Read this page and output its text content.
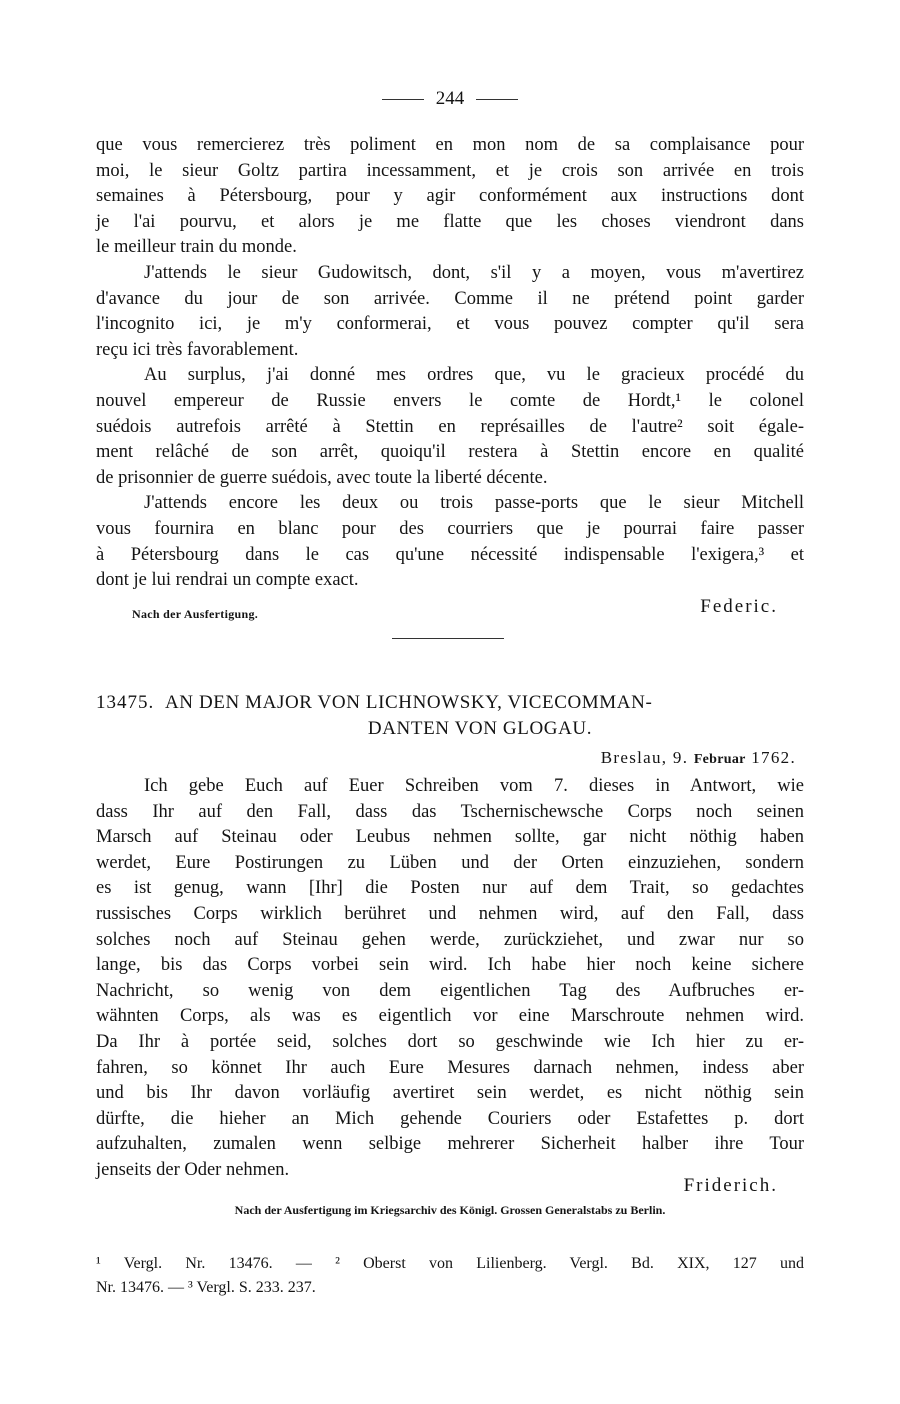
244
que vous remercierez très poliment en mon nom de sa complaisance pour
moi, le sieur Goltz partira incessamment, et je crois son arrivée en trois
semaines à Pétersbourg, pour y agir conformément aux instructions dont
je l'ai pourvu, et alors je me flatte que les choses viendront dans
le meilleur train du monde.
J'attends le sieur Gudowitsch, dont, s'il y a moyen, vous m'avertirez
d'avance du jour de son arrivée. Comme il ne prétend point garder
l'incognito ici, je m'y conformerai, et vous pouvez compter qu'il sera
reçu ici très favorablement.
Au surplus, j'ai donné mes ordres que, vu le gracieux procédé du
nouvel empereur de Russie envers le comte de Hordt,¹ le colonel
suédois autrefois arrêté à Stettin en représailles de l'autre² soit égale-
ment relâché de son arrêt, quoiqu'il restera à Stettin encore en qualité
de prisonnier de guerre suédois, avec toute la liberté décente.
J'attends encore les deux ou trois passe-ports que le sieur Mitchell
vous fournira en blanc pour des courriers que je pourrai faire passer
à Pétersbourg dans le cas qu'une nécessité indispensable l'exigera,³ et
dont je lui rendrai un compte exact.
Nach der Ausfertigung.	Federic.
13475. AN DEN MAJOR VON LICHNOWSKY, VICECOMMAN-
DANTEN VON GLOGAU.
Breslau, 9. Februar 1762.
Ich gebe Euch auf Euer Schreiben vom 7. dieses in Antwort, wie
dass Ihr auf den Fall, dass das Tschernischewsche Corps noch seinen
Marsch auf Steinau oder Leubus nehmen sollte, gar nicht nöthig haben
werdet, Eure Postirungen zu Lüben und der Orten einzuziehen, sondern
es ist genug, wann [Ihr] die Posten nur auf dem Trait, so gedachtes
russisches Corps wirklich berühret und nehmen wird, auf den Fall, dass
solches noch auf Steinau gehen werde, zurückziehet, und zwar nur so
lange, bis das Corps vorbei sein wird. Ich habe hier noch keine sichere
Nachricht, so wenig von dem eigentlichen Tag des Aufbruches er-
wähnten Corps, als was es eigentlich vor eine Marschroute nehmen wird.
Da Ihr à portée seid, solches dort so geschwinde wie Ich hier zu er-
fahren, so könnet Ihr auch Eure Mesures darnach nehmen, indess aber
und bis Ihr davon vorläufig avertiret sein werdet, es nicht nöthig sein
dürfte, die hieher an Mich gehende Couriers oder Estafettes p. dort
aufzuhalten, zumalen wenn selbige mehrerer Sicherheit halber ihre Tour
jenseits der Oder nehmen.
Friderich.
Nach der Ausfertigung im Kriegsarchiv des Königl. Grossen Generalstabs zu Berlin.
¹ Vergl. Nr. 13476. — ² Oberst von Lilienberg. Vergl. Bd. XIX, 127 und
Nr. 13476. — ³ Vergl. S. 233. 237.
